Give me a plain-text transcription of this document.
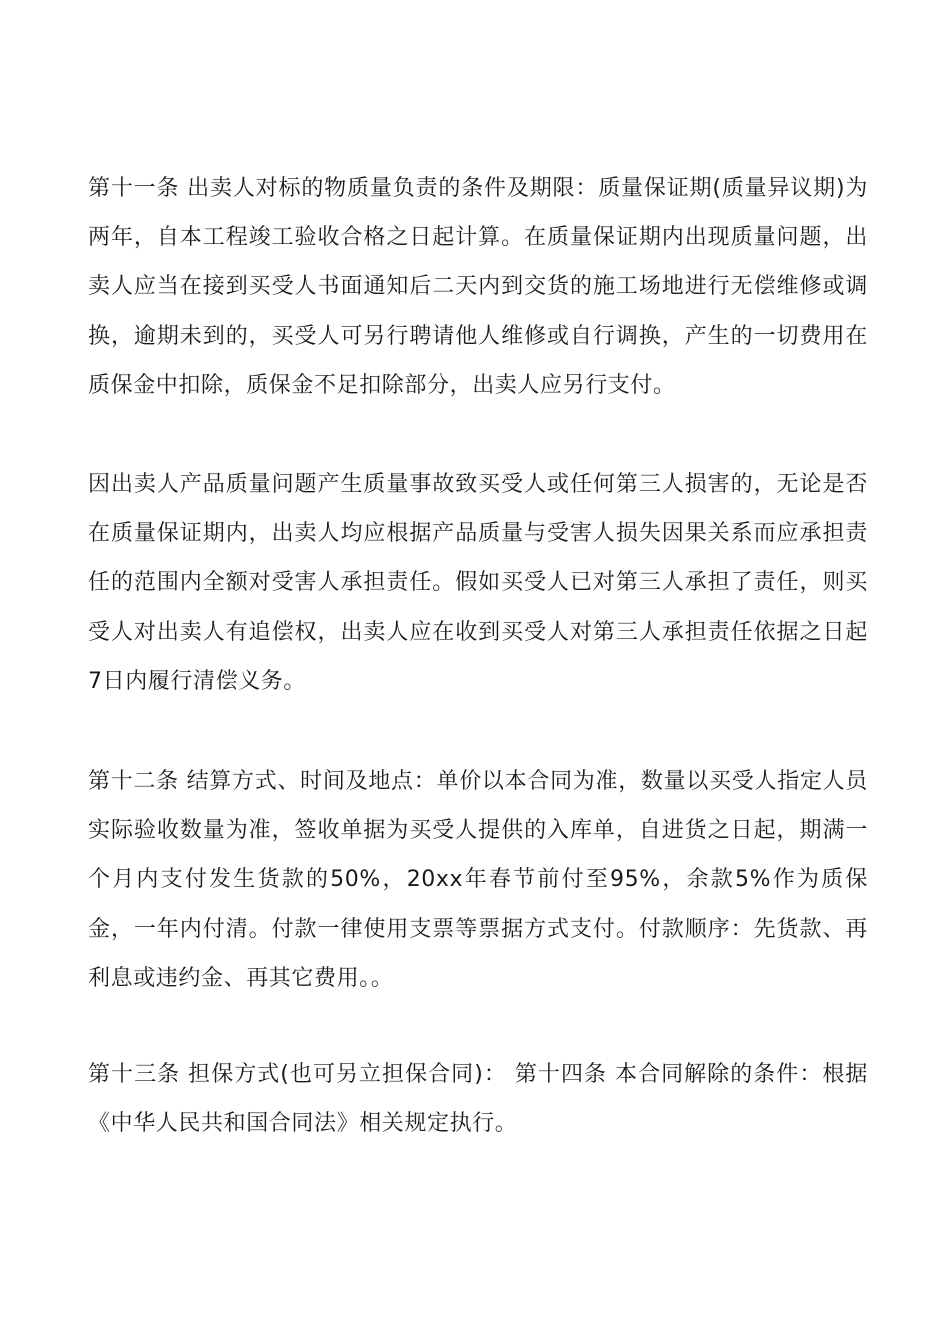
第十一条 出卖人对标的物质量负责的条件及期限：质量保证期(质量异议期)为两年，自本工程竣工验收合格之日起计算。在质量保证期内出现质量问题，出卖人应当在接到买受人书面通知后二天内到交货的施工场地进行无偿维修或调换，逾期未到的，买受人可另行聘请他人维修或自行调换，产生的一切费用在质保金中扣除，质保金不足扣除部分，出卖人应另行支付。

因出卖人产品质量问题产生质量事故致买受人或任何第三人损害的，无论是否在质量保证期内，出卖人均应根据产品质量与受害人损失因果关系而应承担责任的范围内全额对受害人承担责任。假如买受人已对第三人承担了责任，则买受人对出卖人有追偿权，出卖人应在收到买受人对第三人承担责任依据之日起7日内履行清偿义务。

第十二条 结算方式、时间及地点：单价以本合同为准，数量以买受人指定人员实际验收数量为准，签收单据为买受人提供的入库单，自进货之日起，期满一个月内支付发生货款的50%，20xx年春节前付至95%，余款5%作为质保金，一年内付清。付款一律使用支票等票据方式支付。付款顺序：先货款、再利息或违约金、再其它费用。。

第十三条 担保方式(也可另立担保合同)： 第十四条 本合同解除的条件：根据《中华人民共和国合同法》相关规定执行。
